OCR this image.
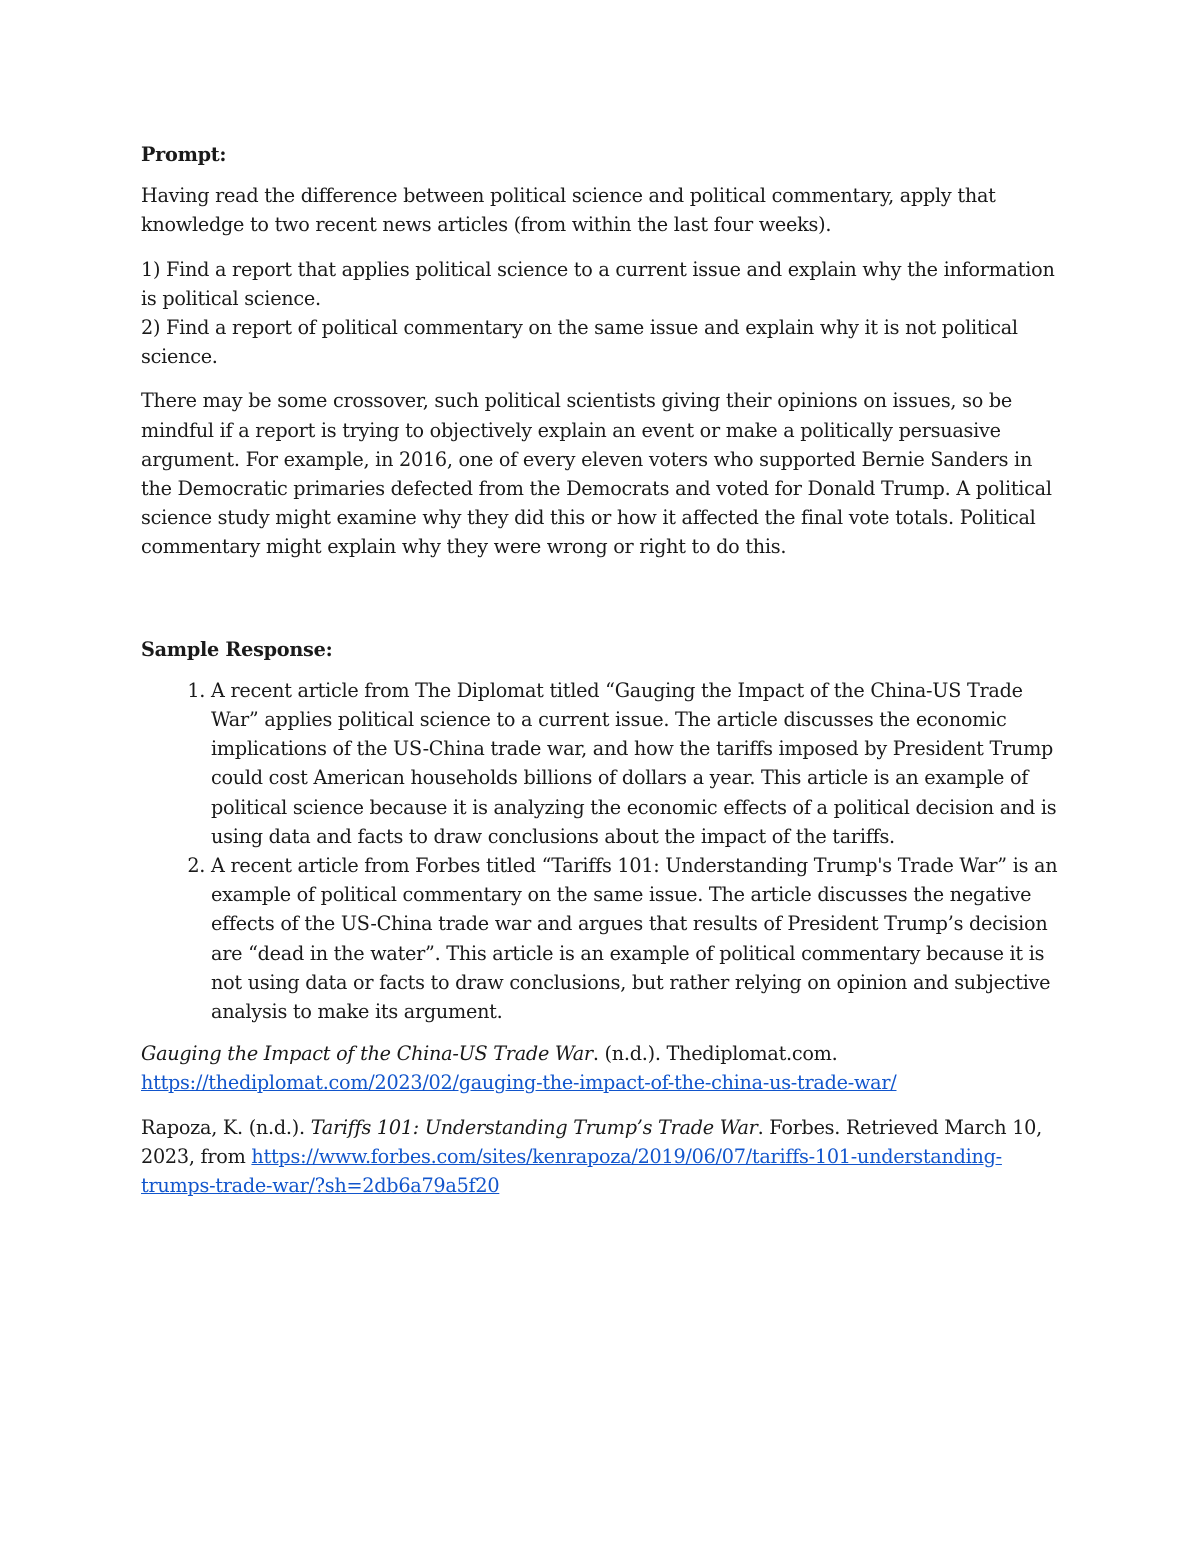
Prompt:

Having read the difference between political science and political commentary, apply that knowledge to two recent news articles (from within the last four weeks).

1) Find a report that applies political science to a current issue and explain why the information is political science.

2) Find a report of political commentary on the same issue and explain why it is not political science.

There may be some crossover, such political scientists giving their opinions on issues, so be mindful if a report is trying to objectively explain an event or make a politically persuasive argument. For example, in 2016, one of every eleven voters who supported Bernie Sanders in the Democratic primaries defected from the Democrats and voted for Donald Trump. A political science study might examine why they did this or how it affected the final vote totals. Political commentary might explain why they were wrong or right to do this.

Sample Response:
1. A recent article from The Diplomat titled “Gauging the Impact of the China-US Trade War” applies political science to a current issue. The article discusses the economic implications of the US-China trade war, and how the tariffs imposed by President Trump could cost American households billions of dollars a year. This article is an example of political science because it is analyzing the economic effects of a political decision and is using data and facts to draw conclusions about the impact of the tariffs.
2. A recent article from Forbes titled “Tariffs 101: Understanding Trump's Trade War” is an example of political commentary on the same issue. The article discusses the negative effects of the US-China trade war and argues that results of President Trump’s decision are “dead in the water”. This article is an example of political commentary because it is not using data or facts to draw conclusions, but rather relying on opinion and subjective analysis to make its argument.
Gauging the Impact of the China-US Trade War. (n.d.). Thediplomat.com. https://thediplomat.com/2023/02/gauging-the-impact-of-the-china-us-trade-war/
Rapoza, K. (n.d.). Tariffs 101: Understanding Trump’s Trade War. Forbes. Retrieved March 10, 2023, from https://www.forbes.com/sites/kenrapoza/2019/06/07/tariffs-101-understanding-trumps-trade-war/?sh=2db6a79a5f20
